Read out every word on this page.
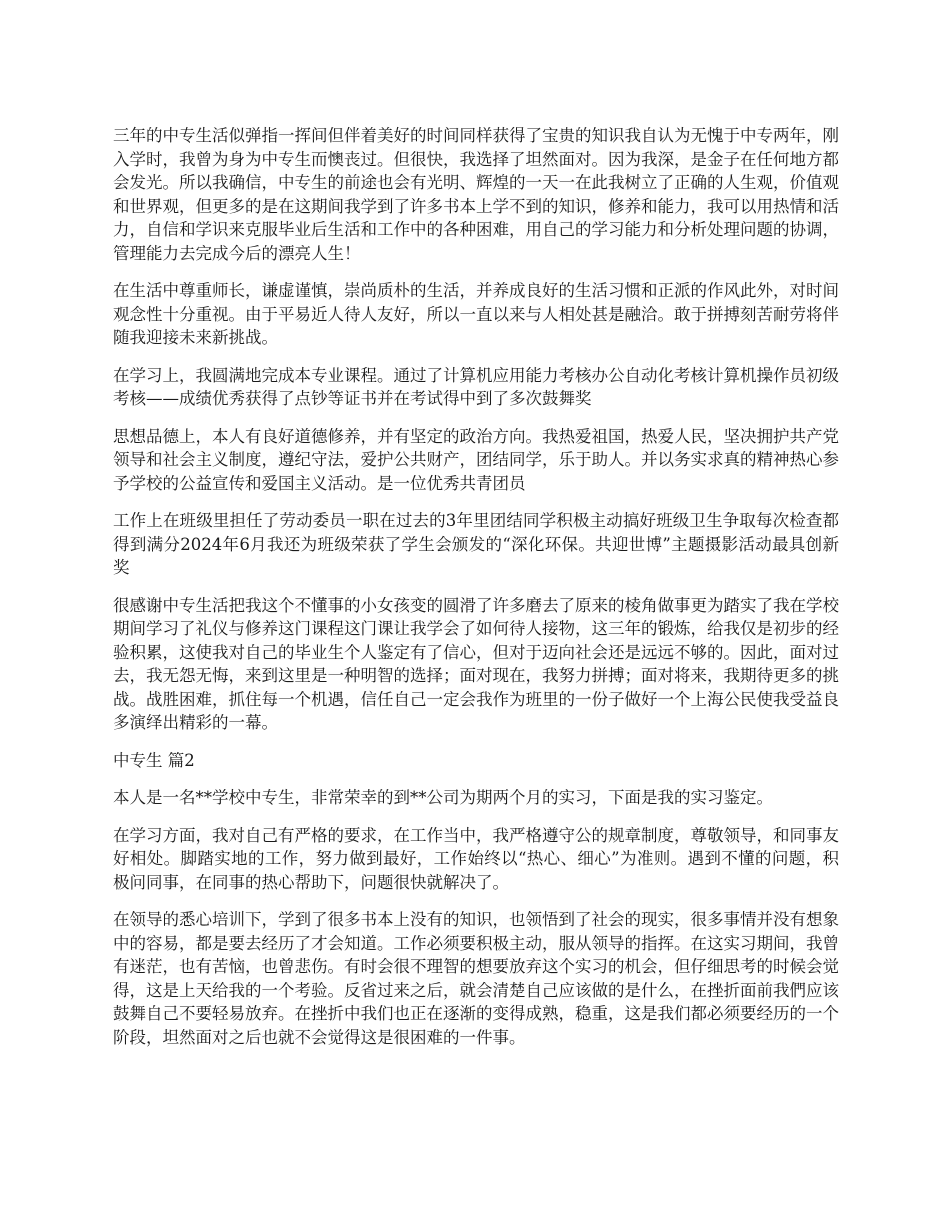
三年的中专生活似弹指一挥间但伴着美好的时间同样获得了宝贵的知识我自认为无愧于中专两年，刚入学时，我曾为身为中专生而懊丧过。但很快，我选择了坦然面对。因为我深，是金子在任何地方都会发光。所以我确信，中专生的前途也会有光明、辉煌的一天一在此我树立了正确的人生观，价值观和世界观，但更多的是在这期间我学到了许多书本上学不到的知识，修养和能力，我可以用热情和活力，自信和学识来克服毕业后生活和工作中的各种困难，用自己的学习能力和分析处理问题的协调，管理能力去完成今后的漂亮人生！

在生活中尊重师长，谦虚谨慎，崇尚质朴的生活，并养成良好的生活习惯和正派的作风此外，对时间观念性十分重视。由于平易近人待人友好，所以一直以来与人相处甚是融洽。敢于拼搏刻苦耐劳将伴随我迎接未来新挑战。

在学习上，我圆满地完成本专业课程。通过了计算机应用能力考核办公自动化考核计算机操作员初级考核——成绩优秀获得了点钞等证书并在考试得中到了多次鼓舞奖

思想品德上，本人有良好道德修养，并有坚定的政治方向。我热爱祖国，热爱人民，坚决拥护共产党领导和社会主义制度，遵纪守法，爱护公共财产，团结同学，乐于助人。并以务实求真的精神热心参予学校的公益宣传和爱国主义活动。是一位优秀共青团员

工作上在班级里担任了劳动委员一职在过去的3年里团结同学积极主动搞好班级卫生争取每次检查都得到满分2024年6月我还为班级荣获了学生会颁发的“深化环保。共迎世博”主题摄影活动最具创新奖

很感谢中专生活把我这个不懂事的小女孩变的圆滑了许多磨去了原来的棱角做事更为踏实了我在学校期间学习了礼仪与修养这门课程这门课让我学会了如何待人接物，这三年的锻炼，给我仅是初步的经验积累，这使我对自己的毕业生个人鉴定有了信心，但对于迈向社会还是远远不够的。因此，面对过去，我无怨无悔，来到这里是一种明智的选择；面对现在，我努力拼搏；面对将来，我期待更多的挑战。战胜困难，抓住每一个机遇，信任自己一定会我作为班里的一份子做好一个上海公民使我受益良多演绎出精彩的一幕。

中专生 篇2

本人是一名**学校中专生，非常荣幸的到**公司为期两个月的实习，下面是我的实习鉴定。

在学习方面，我对自己有严格的要求，在工作当中，我严格遵守公的规章制度，尊敬领导，和同事友好相处。脚踏实地的工作，努力做到最好，工作始终以“热心、细心”为准则。遇到不懂的问题，积极问同事，在同事的热心帮助下，问题很快就解决了。

在领导的悉心培训下，学到了很多书本上没有的知识，也领悟到了社会的现实，很多事情并没有想象中的容易，都是要去经历了才会知道。工作必须要积极主动，服从领导的指挥。在这实习期间，我曾有迷茫，也有苦恼，也曾悲伤。有时会很不理智的想要放弃这个实习的机会，但仔细思考的时候会觉得，这是上天给我的一个考验。反省过来之后，就会清楚自己应该做的是什么，在挫折面前我們应该鼓舞自己不要轻易放弃。在挫折中我们也正在逐渐的变得成熟，稳重，这是我们都必须要经历的一个阶段，坦然面对之后也就不会觉得这是很困难的一件事。
